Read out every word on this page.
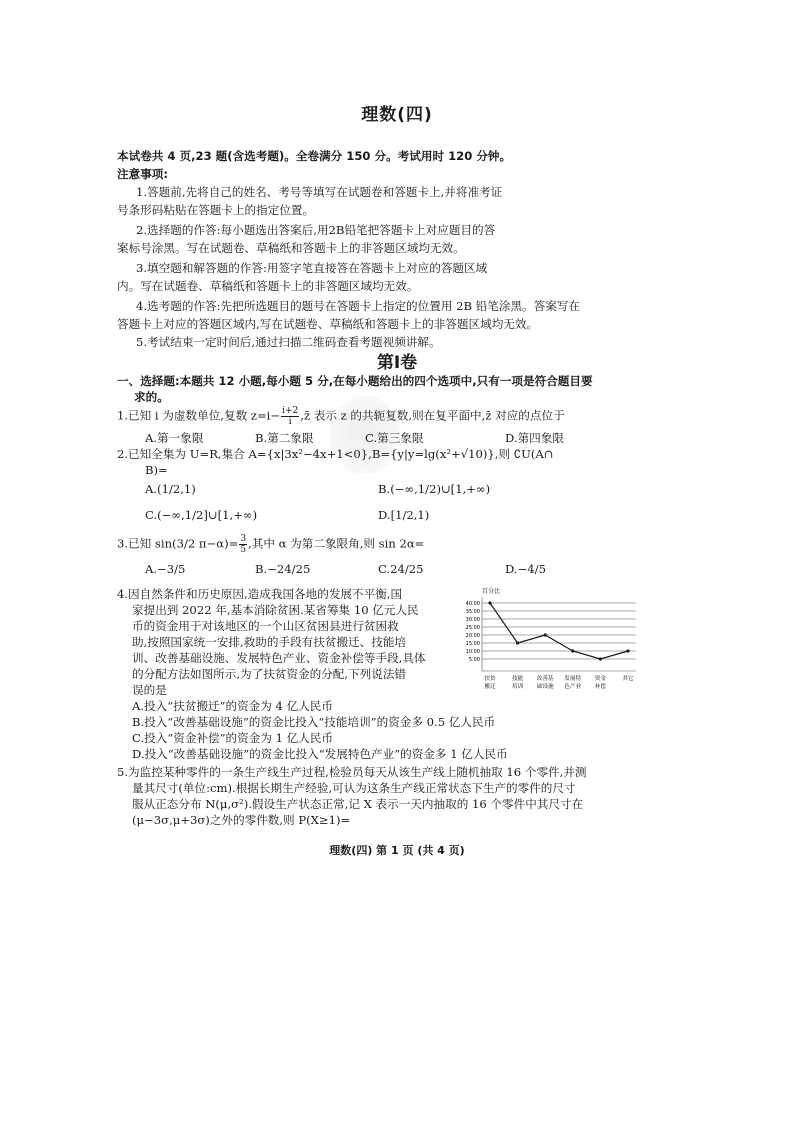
理数(四)
本试卷共 4 页,23 题(含选考题)。全卷满分 150 分。考试用时 120 分钟。
注意事项:
1.答题前,先将自己的姓名、考号等填写在试题卷和答题卡上,并将准考证
号条形码粘贴在答题卡上的指定位置。
2.选择题的作答:每小题选出答案后,用2B铅笔把答题卡上对应题目的答
案标号涂黑。写在试题卷、草稿纸和答题卡上的非答题区域均无效。
3.填空题和解答题的作答:用签字笔直接答在答题卡上对应的答题区域
内。写在试题卷、草稿纸和答题卡上的非答题区域均无效。
4.选考题的作答:先把所选题目的题号在答题卡上指定的位置用 2B 铅笔涂黑。答案写在
答题卡上对应的答题区域内,写在试题卷、草稿纸和答题卡上的非答题区域均无效。
5.考试结束一定时间后,通过扫描二维码查看考题视频讲解。
第Ⅰ卷
一、选择题:本题共 12 小题,每小题 5 分,在每小题给出的四个选项中,只有一项是符合题目要
求的。
1.已知 i 为虚数单位,复数 $z=i- \frac{i+2}{i}$ ,z̄ 表示 z 的共轭复数,则在复平面中,z̄ 对应的点位于
A.第一象限	B.第二象限	C.第三象限	D.第四象限
2.已知全集为 U=R,集合 A={x|3x²−4x+1<0},B={y|y=lg(x²+√10)},则 ∁U(A∩
B)=
A.(1/2,1)	B.(−∞,1/2)∪[1,+∞)
C.(−∞,1/2]∪[1,+∞)	D.[1/2,1)
3.已知 sin(3/2 $\pi-\alpha)= \frac{3}{5}$ ,其中 α 为第二象限角,则 sin 2α=
A.−3/5	B.−24/25	C.24/25	D.−4/5
4.因自然条件和历史原因,造成我国各地的发展不平衡,国
家提出到 2022 年,基本消除贫困.某省筹集 10 亿元人民
币的资金用于对该地区的一个山区贫困县进行贫困救
助,按照国家统一安排,救助的手段有扶贫搬迁、技能培
训、改善基础设施、发展特色产业、资金补偿等手段,具体
的分配方法如图所示,为了扶贫资金的分配,下列说法错
误的是
A.投入“扶贫搬迁”的资金为 4 亿人民币
B.投入“改善基础设施”的资金比投入“技能培训”的资金多 0.5 亿人民币
C.投入“资金补偿”的资金为 1 亿人民币
D.投入“改善基础设施”的资金比投入“发展特色产业”的资金多 1 亿人民币
百分比
5.00
10.00
15.00
20.00
25.00
30.00
35.00
40.00
扶贫
搬迁
技能
培训
改善基
础设施
发展特
色产业
资金
补偿
其它
5.为监控某种零件的一条生产线生产过程,检验员每天从该生产线上随机抽取 16 个零件,并测
量其尺寸(单位:cm).根据长期生产经验,可认为这条生产线正常状态下生产的零件的尺寸
服从正态分布 N(μ,σ²).假设生产状态正常,记 X 表示一天内抽取的 16 个零件中其尺寸在
(μ−3σ,μ+3σ)之外的零件数,则 P(X≥1)=
理数(四) 第 1 页 (共 4 页)
